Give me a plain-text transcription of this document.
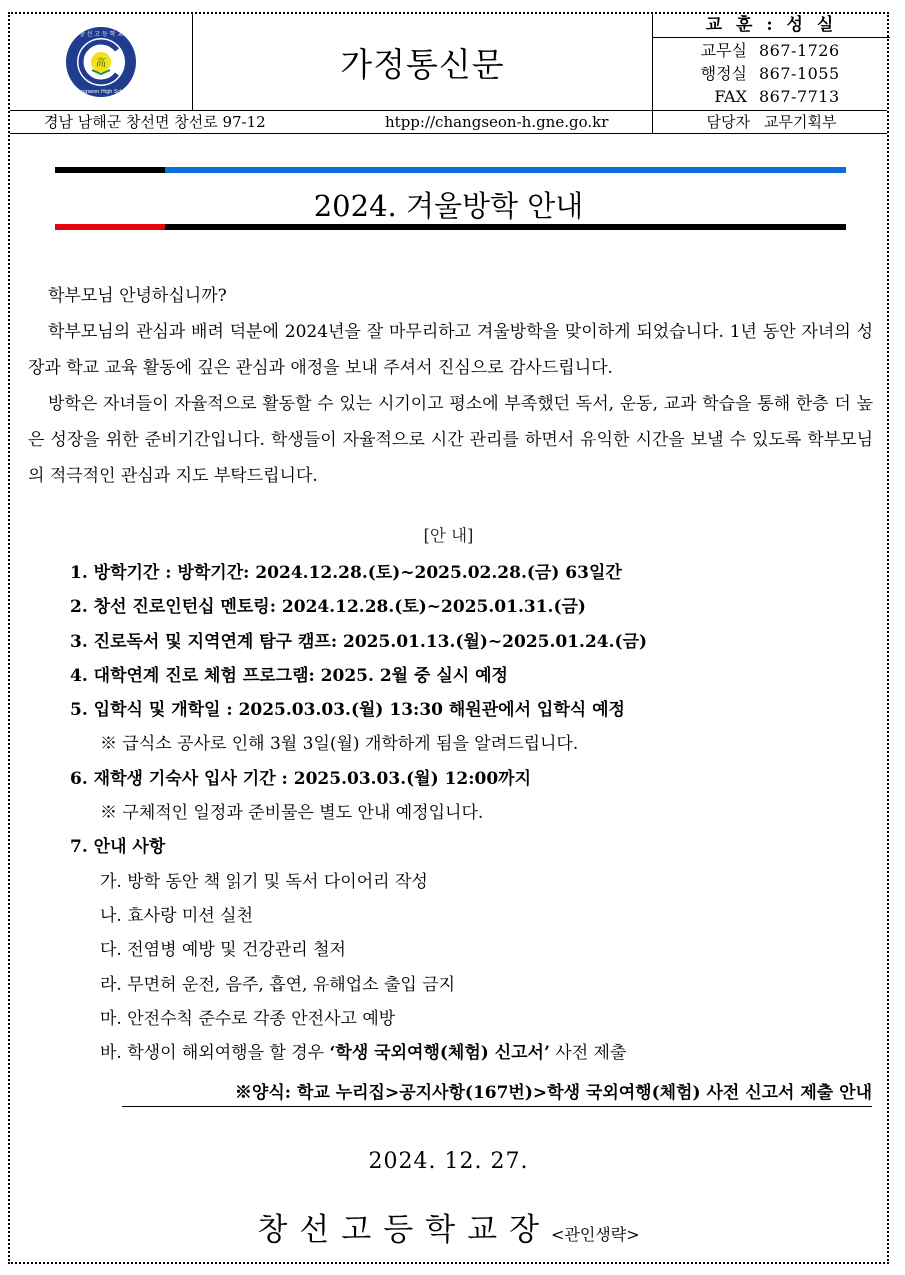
高
창 선 고 등 학 교
Changseon High School
가정통신문
교 훈 : 성 실
교무실 867-1726
행정실 867-1055
FAX 867-7713
경남 남해군 창선면 창선로 97-12	htpp://changseon-h.gne.go.kr	담당자 교무기획부
2024. 겨울방학 안내
학부모님 안녕하십니까?
학부모님의 관심과 배려 덕분에 2024년을 잘 마무리하고 겨울방학을 맞이하게 되었습니다. 1년 동안 자녀의 성장과 학교 교육 활동에 깊은 관심과 애정을 보내 주셔서 진심으로 감사드립니다.
방학은 자녀들이 자율적으로 활동할 수 있는 시기이고 평소에 부족했던 독서, 운동, 교과 학습을 통해 한층 더 높은 성장을 위한 준비기간입니다. 학생들이 자율적으로 시간 관리를 하면서 유익한 시간을 보낼 수 있도록 학부모님의 적극적인 관심과 지도 부탁드립니다.
[안 내]
1. 방학기간 : 방학기간: 2024.12.28.(토)~2025.02.28.(금) 63일간
2. 창선 진로인턴십 멘토링: 2024.12.28.(토)~2025.01.31.(금)
3. 진로독서 및 지역연계 탐구 캠프: 2025.01.13.(월)~2025.01.24.(금)
4. 대학연계 진로 체험 프로그램: 2025. 2월 중 실시 예정
5. 입학식 및 개학일 : 2025.03.03.(월) 13:30 해원관에서 입학식 예정
※ 급식소 공사로 인해 3월 3일(월) 개학하게 됨을 알려드립니다.
6. 재학생 기숙사 입사 기간 : 2025.03.03.(월) 12:00까지
※ 구체적인 일정과 준비물은 별도 안내 예정입니다.
7. 안내 사항
가. 방학 동안 책 읽기 및 독서 다이어리 작성
나. 효사랑 미션 실천
다. 전염병 예방 및 건강관리 철저
라. 무면허 운전, 음주, 흡연, 유해업소 출입 금지
마. 안전수칙 준수로 각종 안전사고 예방
바. 학생이 해외여행을 할 경우 ‘학생 국외여행(체험) 신고서’ 사전 제출
※양식: 학교 누리집>공지사항(167번)>학생 국외여행(체험) 사전 신고서 제출 안내
2024. 12. 27.
창선고등학교장<관인생략>
